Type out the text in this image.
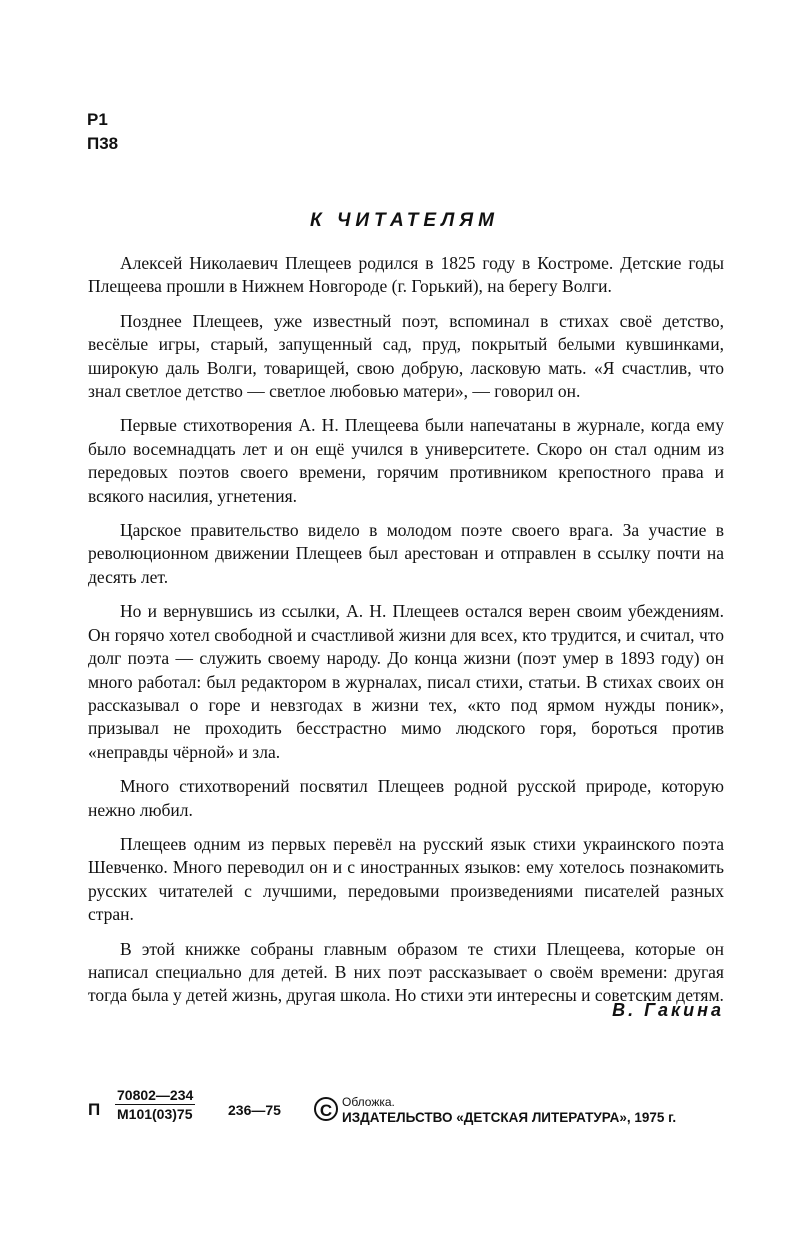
Р1
П38
К ЧИТАТЕЛЯМ

Алексей Николаевич Плещеев родился в 1825 году в Костроме. Детские годы Плещеева прошли в Нижнем Новгороде (г. Горький), на берегу Волги.

Позднее Плещеев, уже известный поэт, вспоминал в стихах своё детство, весёлые игры, старый, запущенный сад, пруд, покрытый белыми кувшинками, широкую даль Волги, товарищей, свою добрую, ласковую мать. «Я счастлив, что знал светлое детство — светлое любовью матери», — говорил он.

Первые стихотворения А. Н. Плещеева были напечатаны в журнале, когда ему было восемнадцать лет и он ещё учился в университете. Скоро он стал одним из передовых поэтов своего времени, горячим противником крепостного права и всякого насилия, угнетения.

Царское правительство видело в молодом поэте своего врага. За участие в революционном движении Плещеев был арестован и отправлен в ссылку почти на десять лет.

Но и вернувшись из ссылки, А. Н. Плещеев остался верен своим убеждениям. Он горячо хотел свободной и счастливой жизни для всех, кто трудится, и считал, что долг поэта — служить своему народу. До конца жизни (поэт умер в 1893 году) он много работал: был редактором в журналах, писал стихи, статьи. В стихах своих он рассказывал о горе и невзгодах в жизни тех, «кто под ярмом нужды поник», призывал не проходить бесстрастно мимо людского горя, бороться против «неправды чёрной» и зла.

Много стихотворений посвятил Плещеев родной русской природе, которую нежно любил.

Плещеев одним из первых перевёл на русский язык стихи украинского поэта Шевченко. Много переводил он и с иностранных языков: ему хотелось познакомить русских читателей с лучшими, передовыми произведениями писателей разных стран.

В этой книжке собраны главным образом те стихи Плещеева, которые он написал специально для детей. В них поэт рассказывает о своём времени: другая тогда была у детей жизнь, другая школа. Но стихи эти интересны и советским детям.

В. Гакина
П
70802—234
М101(03)75	236—75	C Обложка.
ИЗДАТЕЛЬСТВО «ДЕТСКАЯ ЛИТЕРАТУРА», 1975 г.
